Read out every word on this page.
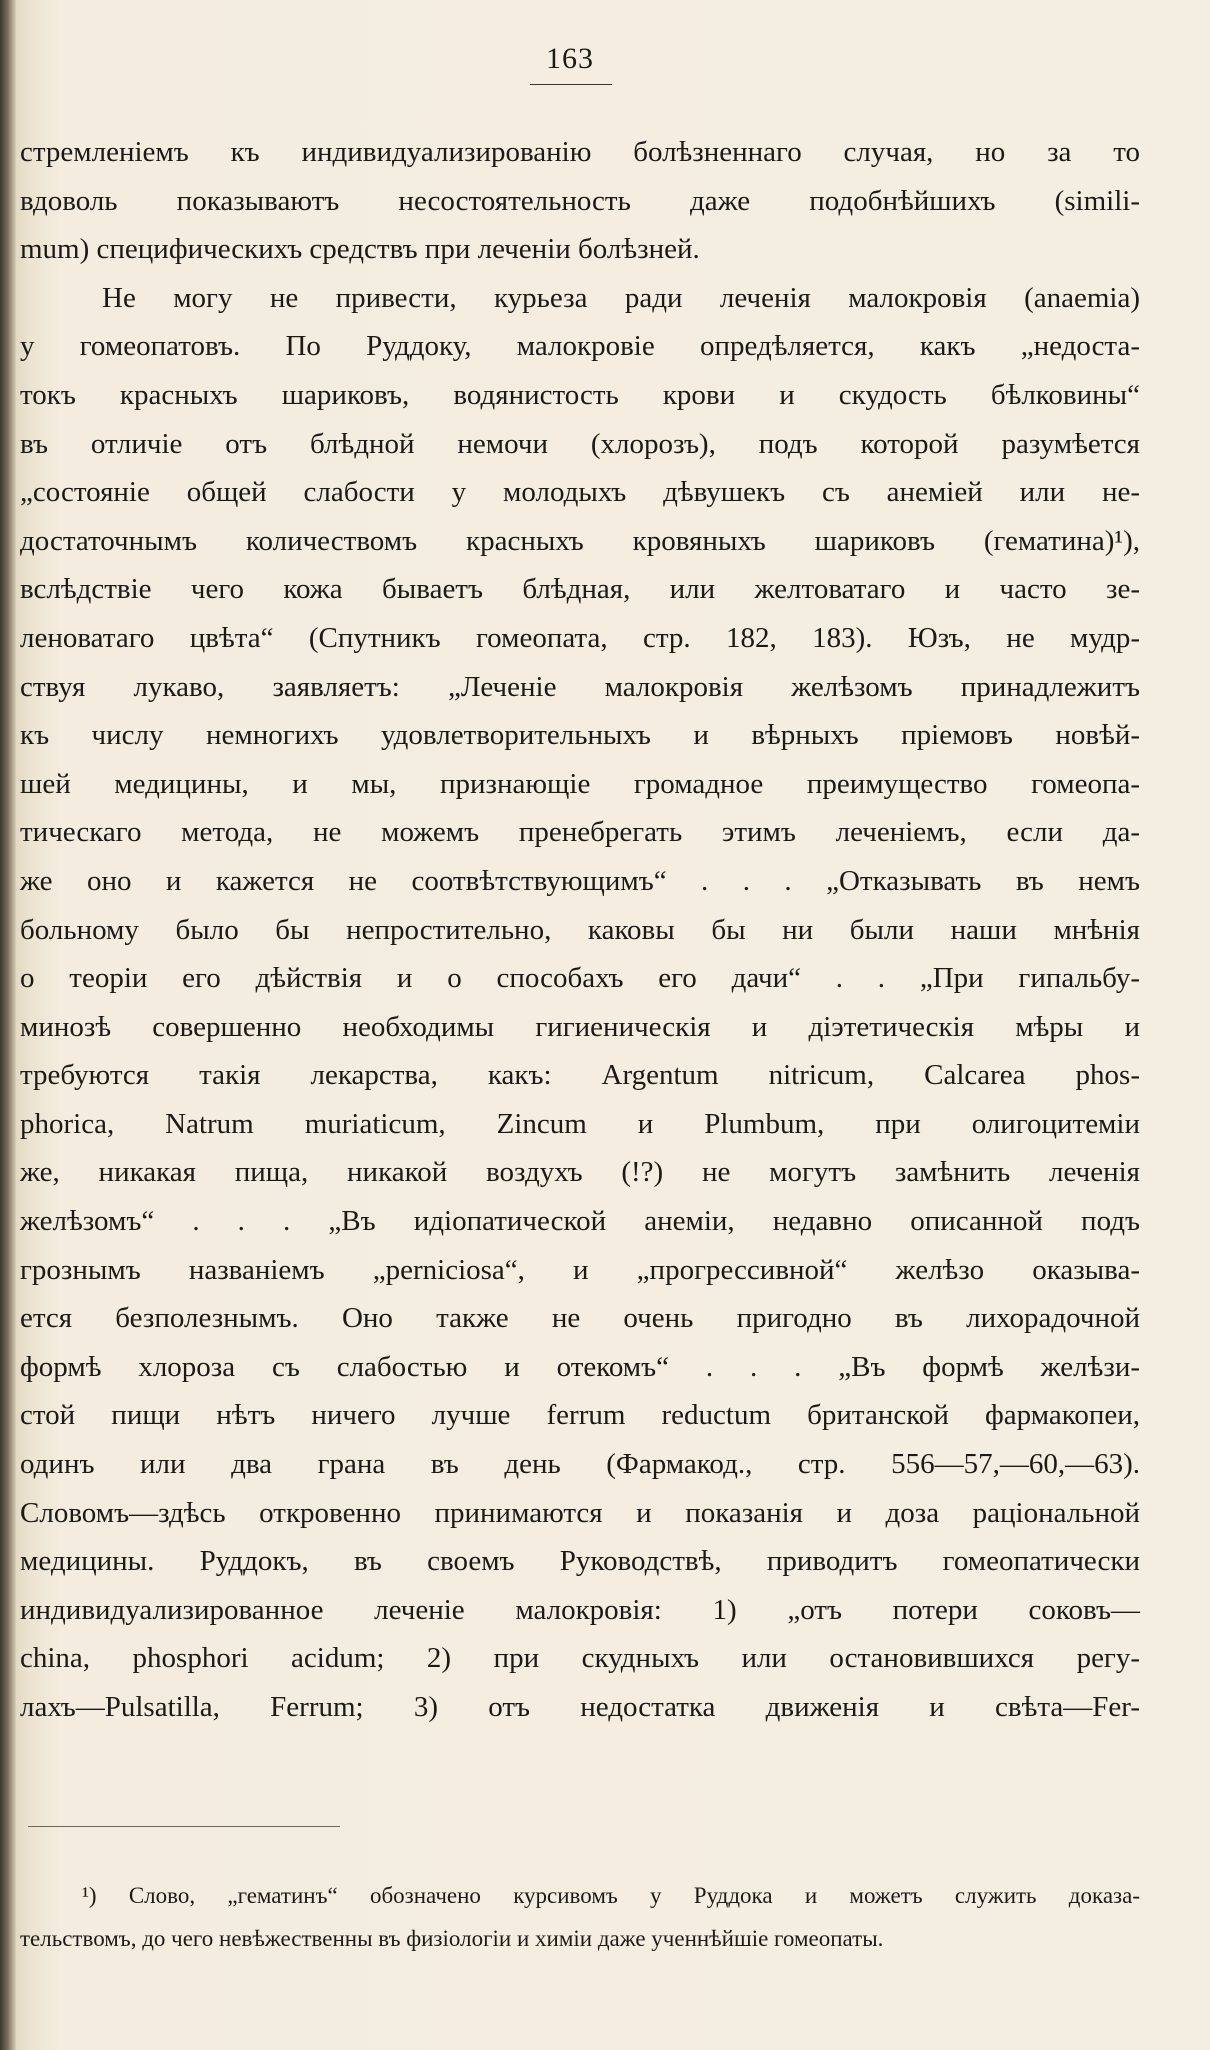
163
стремленіемъ къ индивидуализированію болѣзненнаго случая, но за то
вдоволь показываютъ несостоятельность даже подобнѣйшихъ (simili-
mum) специфическихъ средствъ при леченіи болѣзней.
Не могу не привести, курьеза ради леченія малокровія (anaemia)
у гомеопатовъ. По Руддоку, малокровіе опредѣляется, какъ „недоста-
токъ красныхъ шариковъ, водянистость крови и скудость бѣлковины“
въ отличіе отъ блѣдной немочи (хлорозъ), подъ которой разумѣется
„состояніе общей слабости у молодыхъ дѣвушекъ съ анеміей или не-
достаточнымъ количествомъ красныхъ кровяныхъ шариковъ (гематина)¹),
вслѣдствіе чего кожа бываетъ блѣдная, или желтоватаго и часто зе-
леноватаго цвѣта“ (Спутникъ гомеопата, стр. 182, 183). Юзъ, не мудр-
ствуя лукаво, заявляетъ: „Леченіе малокровія желѣзомъ принадлежитъ
къ числу немногихъ удовлетворительныхъ и вѣрныхъ пріемовъ новѣй-
шей медицины, и мы, признающіе громадное преимущество гомеопа-
тическаго метода, не можемъ пренебрегать этимъ леченіемъ, если да-
же оно и кажется не соотвѣтствующимъ“ . . . „Отказывать въ немъ
больному было бы непростительно, каковы бы ни были наши мнѣнія
о теоріи его дѣйствія и о способахъ его дачи“ . . „При гипальбу-
минозѣ совершенно необходимы гигиеническія и діэтетическія мѣры и
требуются такія лекарства, какъ: Argentum nitricum, Calcarea phos-
phorica, Natrum muriaticum, Zincum и Plumbum, при олигоцитеміи
же, никакая пища, никакой воздухъ (!?) не могутъ замѣнить леченія
желѣзомъ“ . . . „Въ идіопатической анеміи, недавно описанной подъ
грознымъ названіемъ „perniciosa“, и „прогрессивной“ желѣзо оказыва-
ется безполезнымъ. Оно также не очень пригодно въ лихорадочной
формѣ хлороза съ слабостью и отекомъ“ . . . „Въ формѣ желѣзи-
стой пищи нѣтъ ничего лучше ferrum reductum британской фармакопеи,
одинъ или два грана въ день (Фармакод., стр. 556—57,—60,—63).
Словомъ—здѣсь откровенно принимаются и показанія и доза раціональной
медицины. Руддокъ, въ своемъ Руководствѣ, приводитъ гомеопатически
индивидуализированное леченіе малокровія: 1) „отъ потери соковъ—
china, phosphori acidum; 2) при скудныхъ или остановившихся регу-
лахъ—Pulsatilla, Ferrum; 3) отъ недостатка движенія и свѣта—Fer-
¹) Слово, „гематинъ“ обозначено курсивомъ у Руддока и можетъ служить доказа-
тельствомъ, до чего невѣжественны въ физіологіи и химіи даже ученнѣйшіе гомеопаты.
